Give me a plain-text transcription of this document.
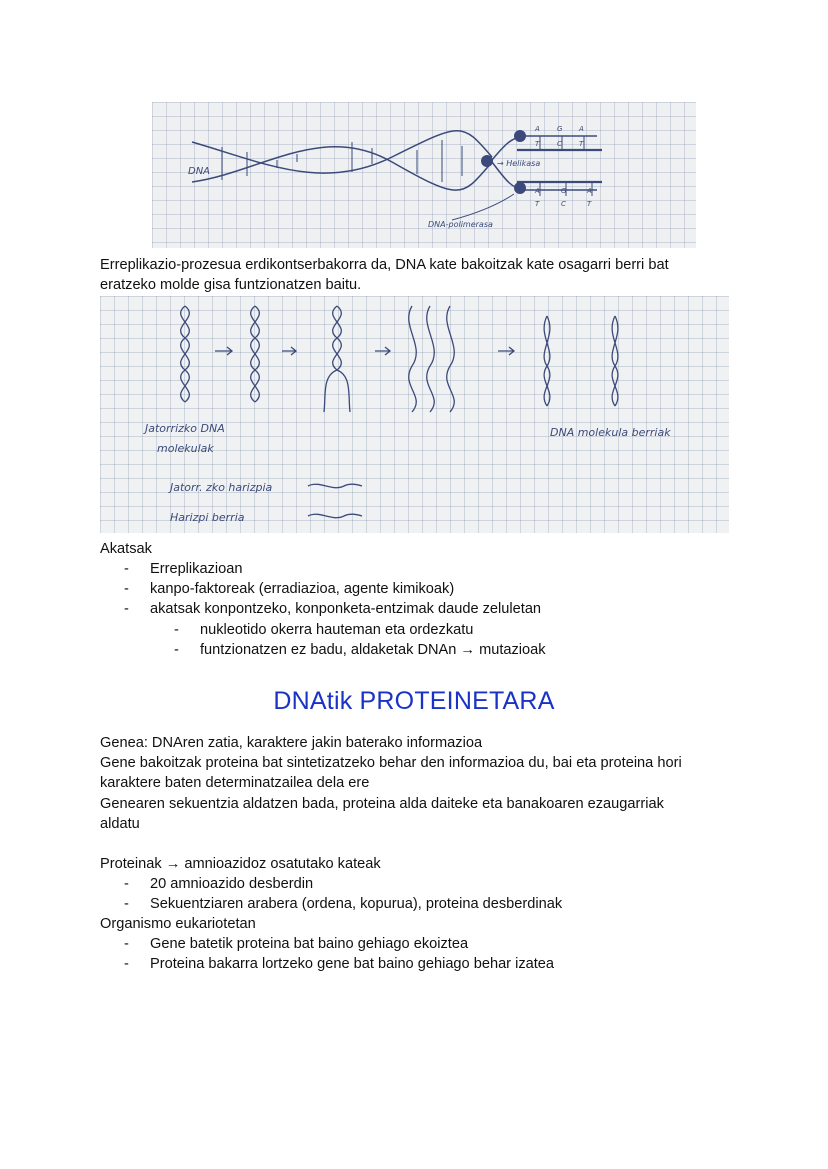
DNA
→ Helikasa
DNA-polimerasa
A G A
T	C T
A	G	A
T	C	T

Erreplikazio-prozesua erdikontserbakorra da, DNA kate bakoitzak kate osagarri berri bat
eratzeko molde gisa funtzionatzen baitu.

Jatorrizko DNA
molekulak
DNA molekula berriak
Jatorr. zko harizpia
Harizpi berria
Akatsak
- Erreplikazioan
- kanpo-faktoreak (erradiazioa, agente kimikoak)
- akatsak konpontzeko, konponketa-entzimak daude zeluletan
- nukleotido okerra hauteman eta ordezkatu
- funtzionatzen ez badu, aldaketak DNAn → mutazioak
DNAtik PROTEINETARA

Genea: DNAren zatia, karaktere jakin baterako informazioa
Gene bakoitzak proteina bat sintetizatzeko behar den informazioa du, bai eta proteina hori
karaktere baten determinatzailea dela ere
Genearen sekuentzia aldatzen bada, proteina alda daiteke eta banakoaren ezaugarriak
aldatu

Proteinak → amnioazidoz osatutako kateak
- 20 amnioazido desberdin
- Sekuentziaren arabera (ordena, kopurua), proteina desberdinak
Organismo eukariotetan
- Gene batetik proteina bat baino gehiago ekoiztea
- Proteina bakarra lortzeko gene bat baino gehiago behar izatea
